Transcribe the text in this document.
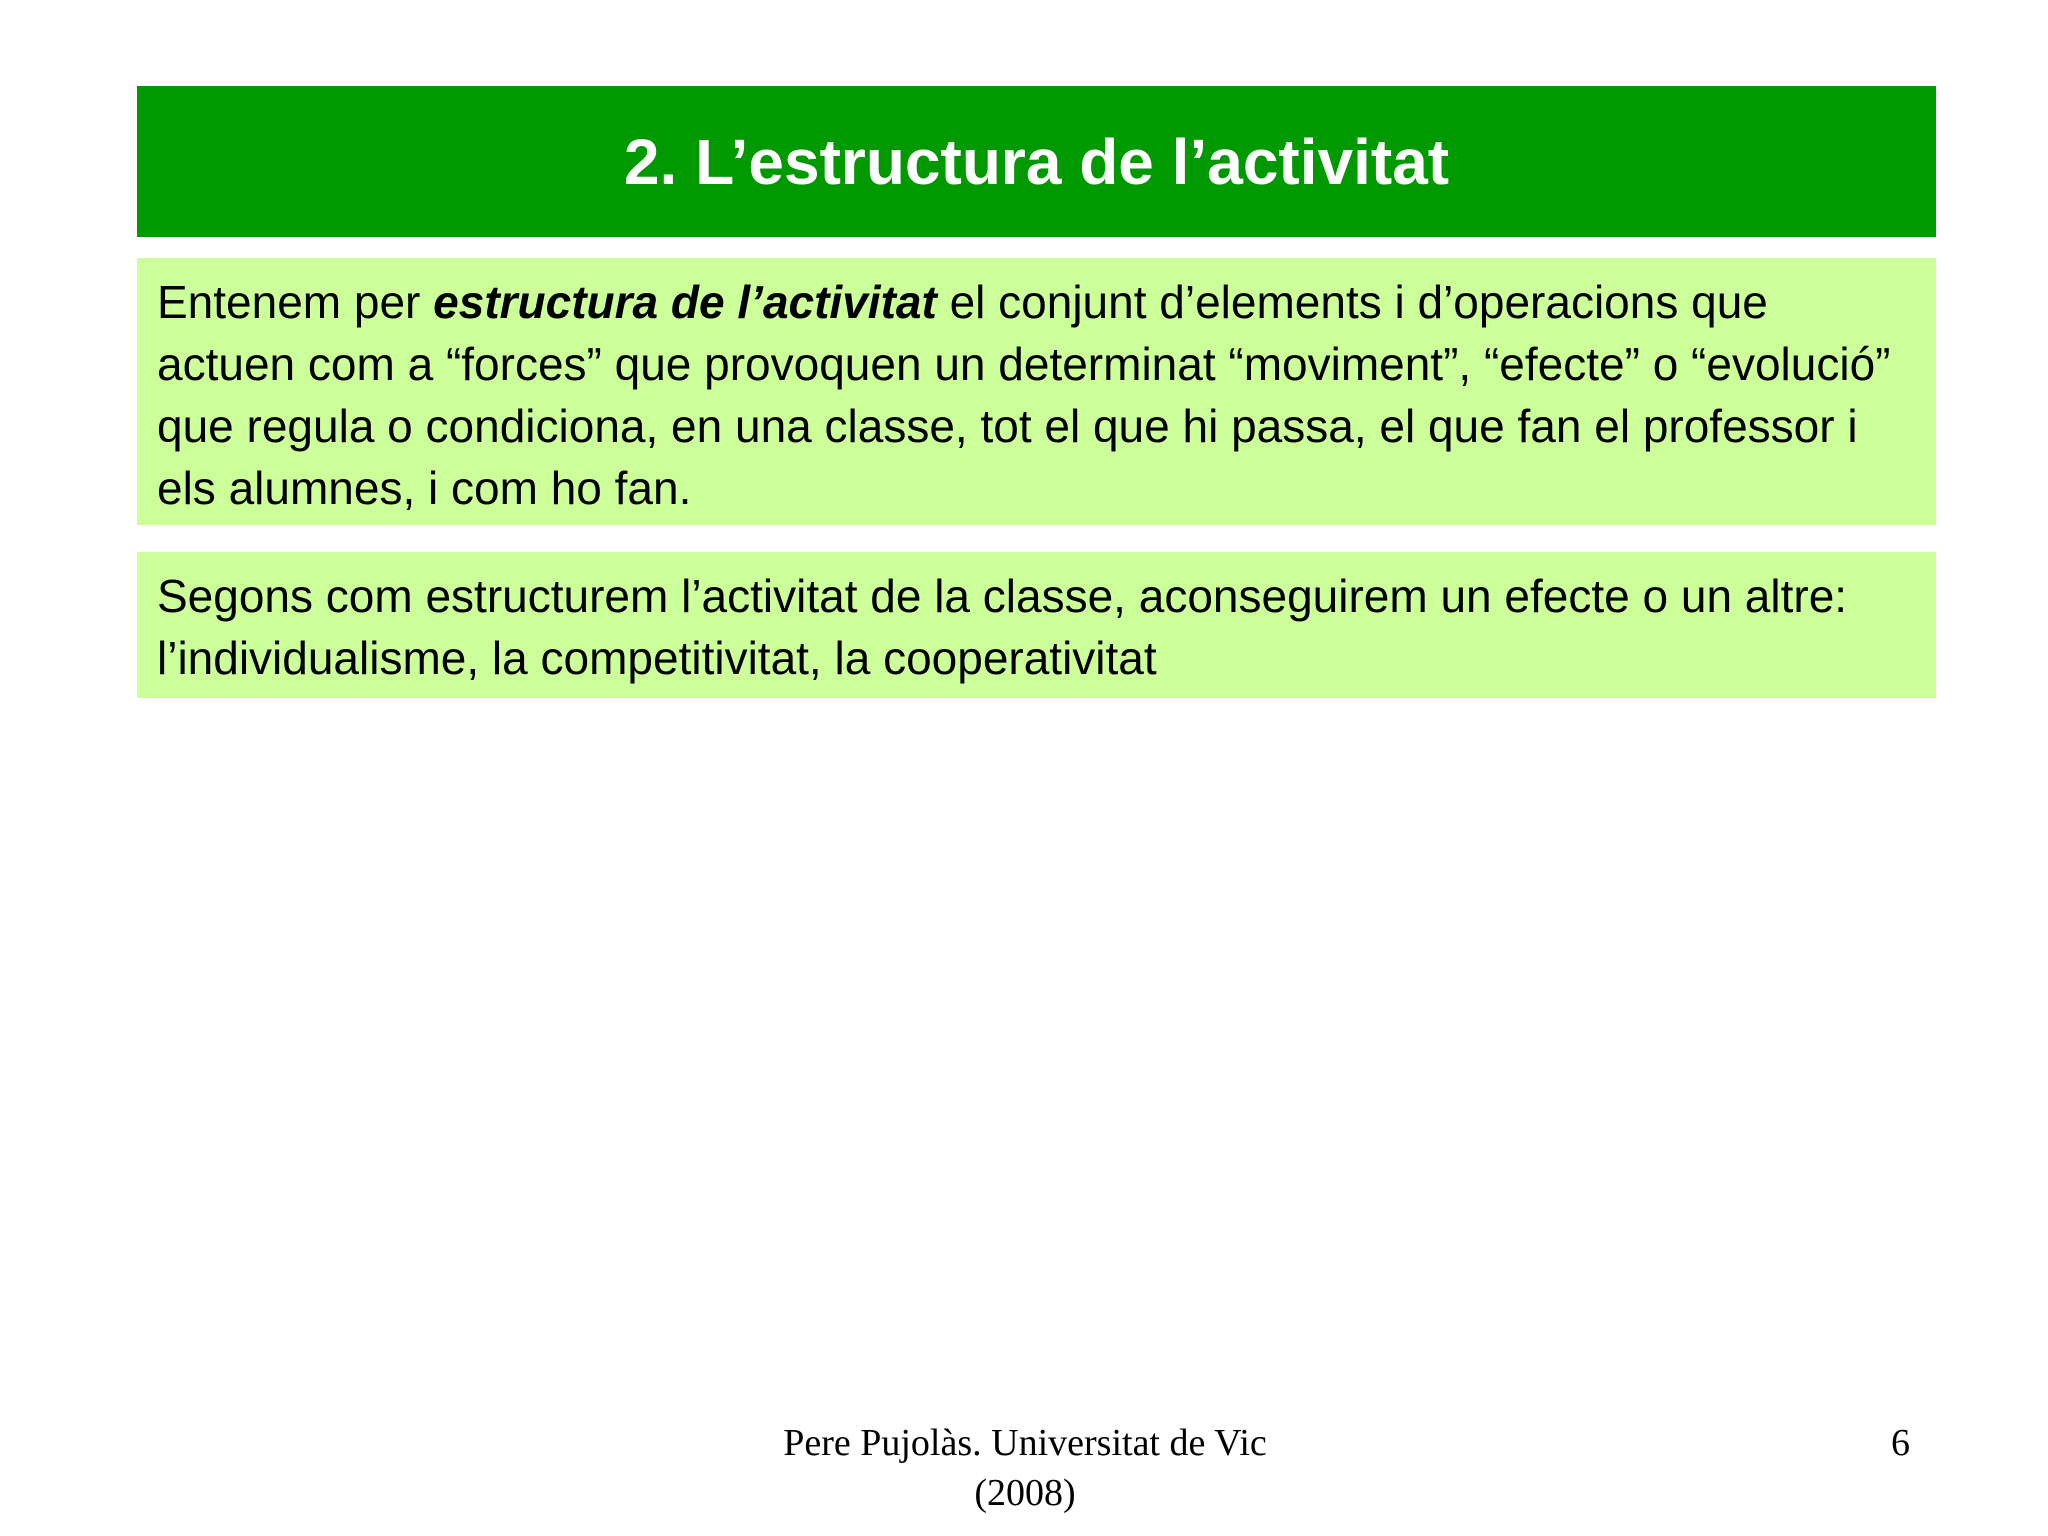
2. L’estructura de l’activitat

Entenem per estructura de l’activitat el conjunt d’elements i d’operacions que actuen com a “forces” que provoquen un determinat “moviment”, “efecte” o “evolució” que regula o condiciona, en una classe, tot el que hi passa, el que fan el professor i els alumnes, i com ho fan.

Segons com estructurem l’activitat de la classe, aconseguirem un efecte o un altre: l’individualisme, la competitivitat, la cooperativitat

Pere Pujolàs. Universitat de Vic
(2008)
6
